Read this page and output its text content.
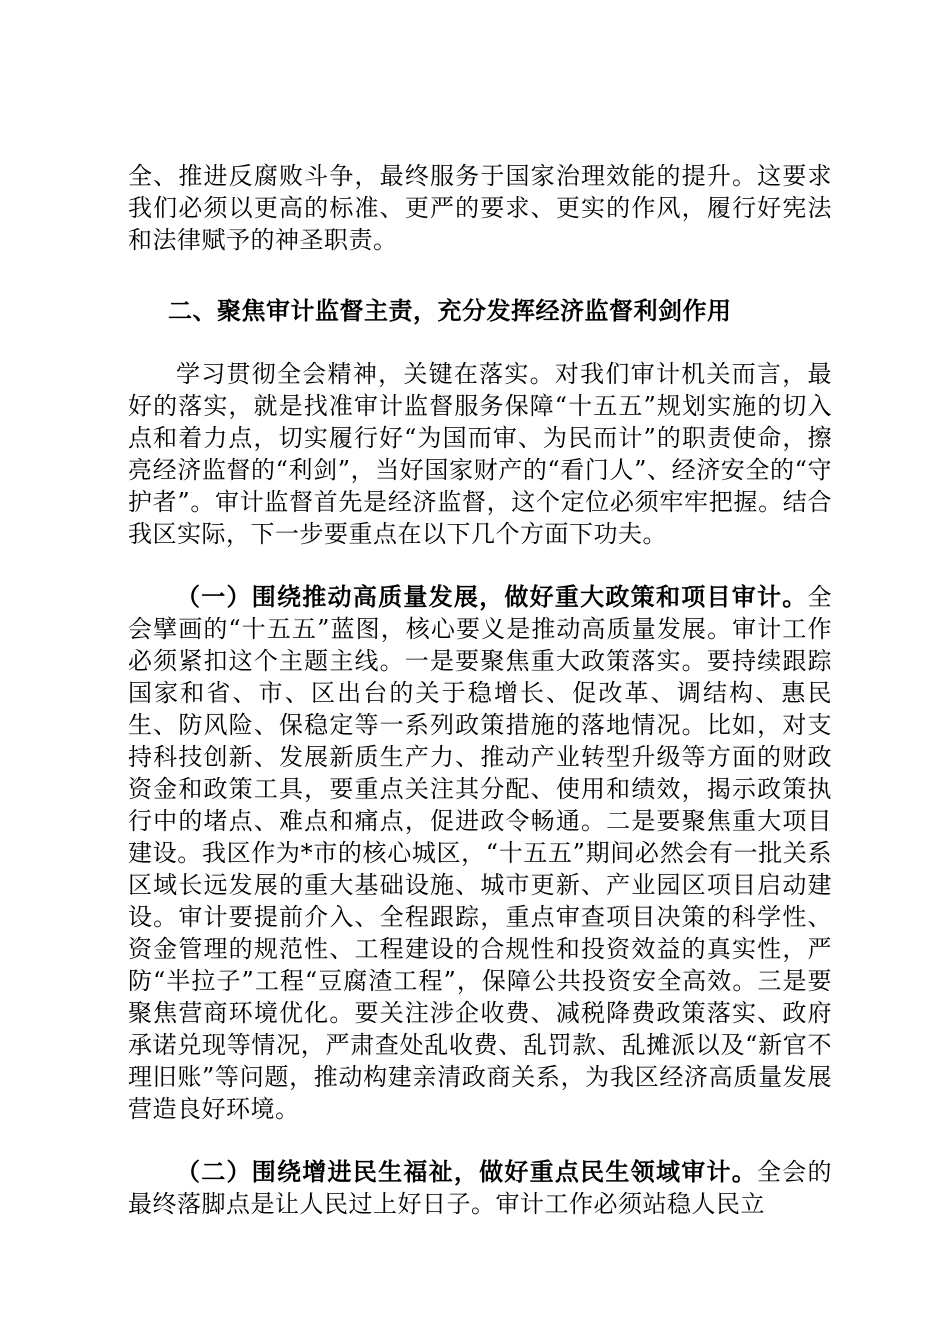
全、推进反腐败斗争，最终服务于国家治理效能的提升。这要求我们必须以更高的标准、更严的要求、更实的作风，履行好宪法和法律赋予的神圣职责。

二、聚焦审计监督主责，充分发挥经济监督利剑作用

学习贯彻全会精神，关键在落实。对我们审计机关而言，最好的落实，就是找准审计监督服务保障“十五五”规划实施的切入点和着力点，切实履行好“为国而审、为民而计”的职责使命，擦亮经济监督的“利剑”，当好国家财产的“看门人”、经济安全的“守护者”。审计监督首先是经济监督，这个定位必须牢牢把握。结合我区实际，下一步要重点在以下几个方面下功夫。

（一）围绕推动高质量发展，做好重大政策和项目审计。全会擘画的“十五五”蓝图，核心要义是推动高质量发展。审计工作必须紧扣这个主题主线。一是要聚焦重大政策落实。要持续跟踪国家和省、市、区出台的关于稳增长、促改革、调结构、惠民生、防风险、保稳定等一系列政策措施的落地情况。比如，对支持科技创新、发展新质生产力、推动产业转型升级等方面的财政资金和政策工具，要重点关注其分配、使用和绩效，揭示政策执行中的堵点、难点和痛点，促进政令畅通。二是要聚焦重大项目建设。我区作为*市的核心城区，“十五五”期间必然会有一批关系区域长远发展的重大基础设施、城市更新、产业园区项目启动建设。审计要提前介入、全程跟踪，重点审查项目决策的科学性、资金管理的规范性、工程建设的合规性和投资效益的真实性，严防“半拉子”工程“豆腐渣工程”，保障公共投资安全高效。三是要聚焦营商环境优化。要关注涉企收费、减税降费政策落实、政府承诺兑现等情况，严肃查处乱收费、乱罚款、乱摊派以及“新官不理旧账”等问题，推动构建亲清政商关系，为我区经济高质量发展营造良好环境。

（二）围绕增进民生福祉，做好重点民生领域审计。全会的最终落脚点是让人民过上好日子。审计工作必须站稳人民立
